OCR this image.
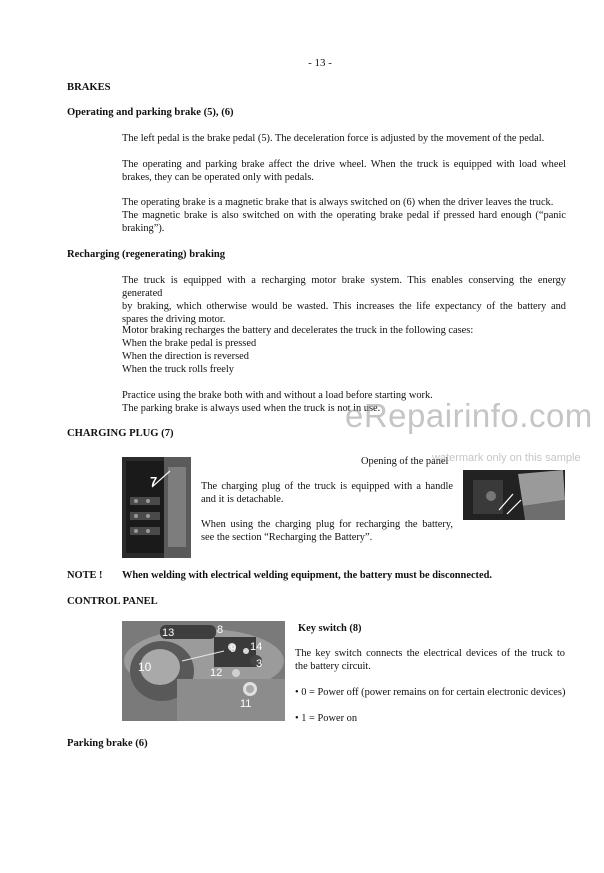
- 13 -
BRAKES
Operating and parking brake (5), (6)
The left pedal is the brake pedal (5). The deceleration force is adjusted by the movement of the pedal.
The operating and parking brake affect the drive wheel. When the truck is equipped with load wheel
brakes, they can be operated only with pedals.
The operating brake is a magnetic brake that is always switched on (6) when the driver leaves the truck.
The magnetic brake is also switched on with the operating brake pedal if pressed hard enough (“panic
braking”).
Recharging (regenerating) braking
The truck is equipped with a recharging motor brake system. This enables conserving the energy generated
by braking, which otherwise would be wasted. This increases the life expectancy of the battery and
spares the driving motor.
Motor braking recharges the battery and decelerates the truck in the following cases:
When the brake pedal is pressed
When the direction is reversed
When the truck rolls freely
Practice using the brake both with and without a load before starting work.
The parking brake is always used when the truck is not in use.
CHARGING PLUG (7)
7	The charging plug of the truck is equipped with a handle
and it is detachable.
When using the charging plug for recharging the battery,
see the section “Recharging the Battery”.
Opening of the panel
eRepairinfo.com
watermark only on this sample
NOTE ! When welding with electrical welding equipment, the battery must be disconnected.
CONTROL PANEL
13	8
9 14
10	12
3
11
Key switch (8)
The key switch connects the electrical devices of the truck to
the battery circuit.
• 0 = Power off (power remains on for certain electronic devices)
• 1 = Power on
Parking brake (6)
